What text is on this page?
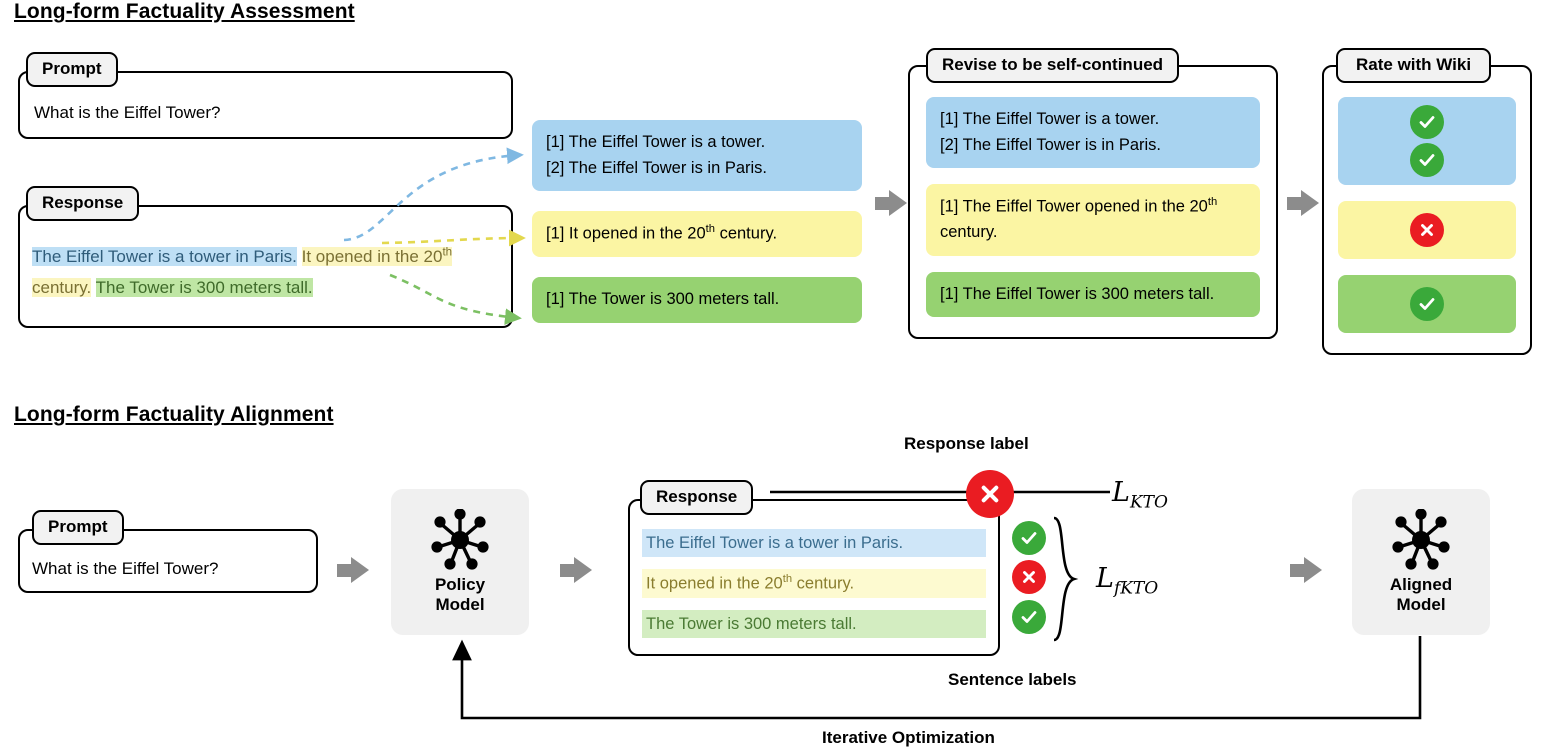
Long-form Factuality Assessment
Prompt
What is the Eiffel Tower?
Response
The Eiffel Tower is a tower in Paris. It opened in the 20th century. The Tower is 300 meters tall.
[1] The Eiffel Tower is a tower.
[2] The Eiffel Tower is in Paris.
[1] It opened in the 20th century.
[1] The Tower is 300 meters tall.
Revise to be self-continued
[1] The Eiffel Tower is a tower.
[2] The Eiffel Tower is in Paris.
[1] The Eiffel Tower opened in the 20th century.
[1] The Eiffel Tower is 300 meters tall.
Rate with Wiki
Long-form Factuality Alignment
Prompt
What is the Eiffel Tower?
Policy
Model
Response
The Eiffel Tower is a tower in Paris.
It opened in the 20th century.
The Tower is 300 meters tall.
Response label
$L_{KTO}$
$L_{fKTO}$
Sentence labels
Aligned
Model
Iterative Optimization
